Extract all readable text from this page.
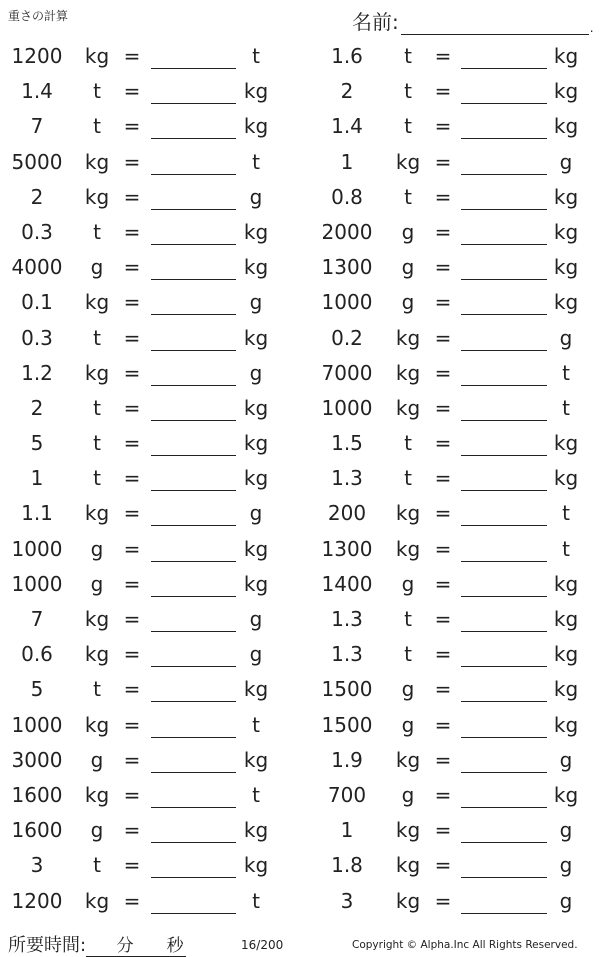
重さの計算	名前:	.
1200	kg =	t	1.6	t	=	kg
1.4	t	=	kg	2	t	=	kg
7	t	=	kg	1.4	t	=	kg
5000	kg =	t	1	kg =	g
2	kg =	g	0.8	t	=	kg
0.3	t	=	kg	2000	g	=	kg
4000	g	=	kg	1300	g	=	kg
0.1	kg =	g	1000	g	=	kg
0.3	t	=	kg	0.2	kg =	g
1.2	kg =	g	7000	kg =	t
2	t	=	kg	1000	kg =	t
5	t	=	kg	1.5	t	=	kg
1	t	=	kg	1.3	t	=	kg
1.1	kg =	g	200	kg =	t
1000	g	=	kg	1300	kg =	t
1000	g	=	kg	1400	g	=	kg
7	kg =	g	1.3	t	=	kg
0.6	kg =	g	1.3	t	=	kg
5	t	=	kg	1500	g	=	kg
1000	kg =	t	1500	g	=	kg
3000	g	=	kg	1.9	kg =	g
1600	kg =	t	700	g	=	kg
1600	g	=	kg	1	kg =	g
3	t	=	kg	1.8	kg =	g
1200	kg =	t	3	kg =	g
所要時間: 分 秒	16/200	Copyright © Alpha.Inc All Rights Reserved.
